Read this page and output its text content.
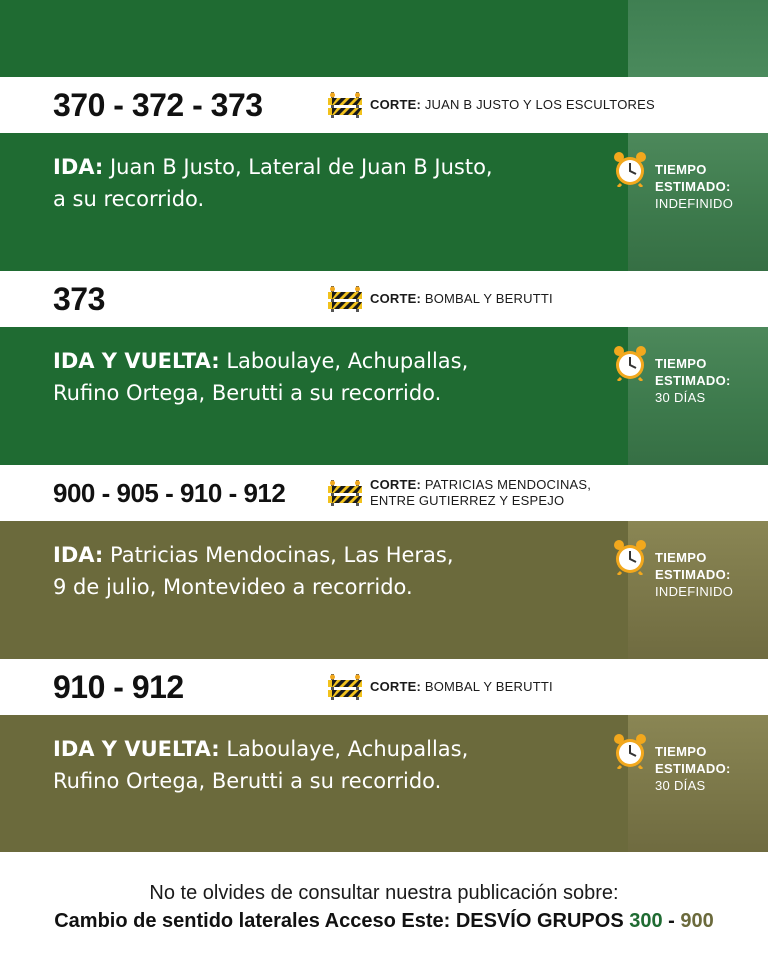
370 - 372 - 373	CORTE: JUAN B JUSTO Y LOS ESCULTORES
IDA: Juan B Justo, Lateral de Juan B Justo,
a su recorrido.
TIEMPO
ESTIMADO:
INDEFINIDO
373	CORTE: BOMBAL Y BERUTTI
IDA Y VUELTA: Laboulaye, Achupallas,
Rufino Ortega, Berutti a su recorrido.
TIEMPO
ESTIMADO:
30 DÍAS
900 - 905 - 910 - 912	CORTE: PATRICIAS MENDOCINAS,
ENTRE GUTIERREZ Y ESPEJO
IDA: Patricias Mendocinas, Las Heras,
9 de julio, Montevideo a recorrido.
TIEMPO
ESTIMADO:
INDEFINIDO
910 - 912	CORTE: BOMBAL Y BERUTTI
IDA Y VUELTA: Laboulaye, Achupallas,
Rufino Ortega, Berutti a su recorrido.
TIEMPO
ESTIMADO:
30 DÍAS
No te olvides de consultar nuestra publicación sobre:
Cambio de sentido laterales Acceso Este: DESVÍO GRUPOS 300 - 900
